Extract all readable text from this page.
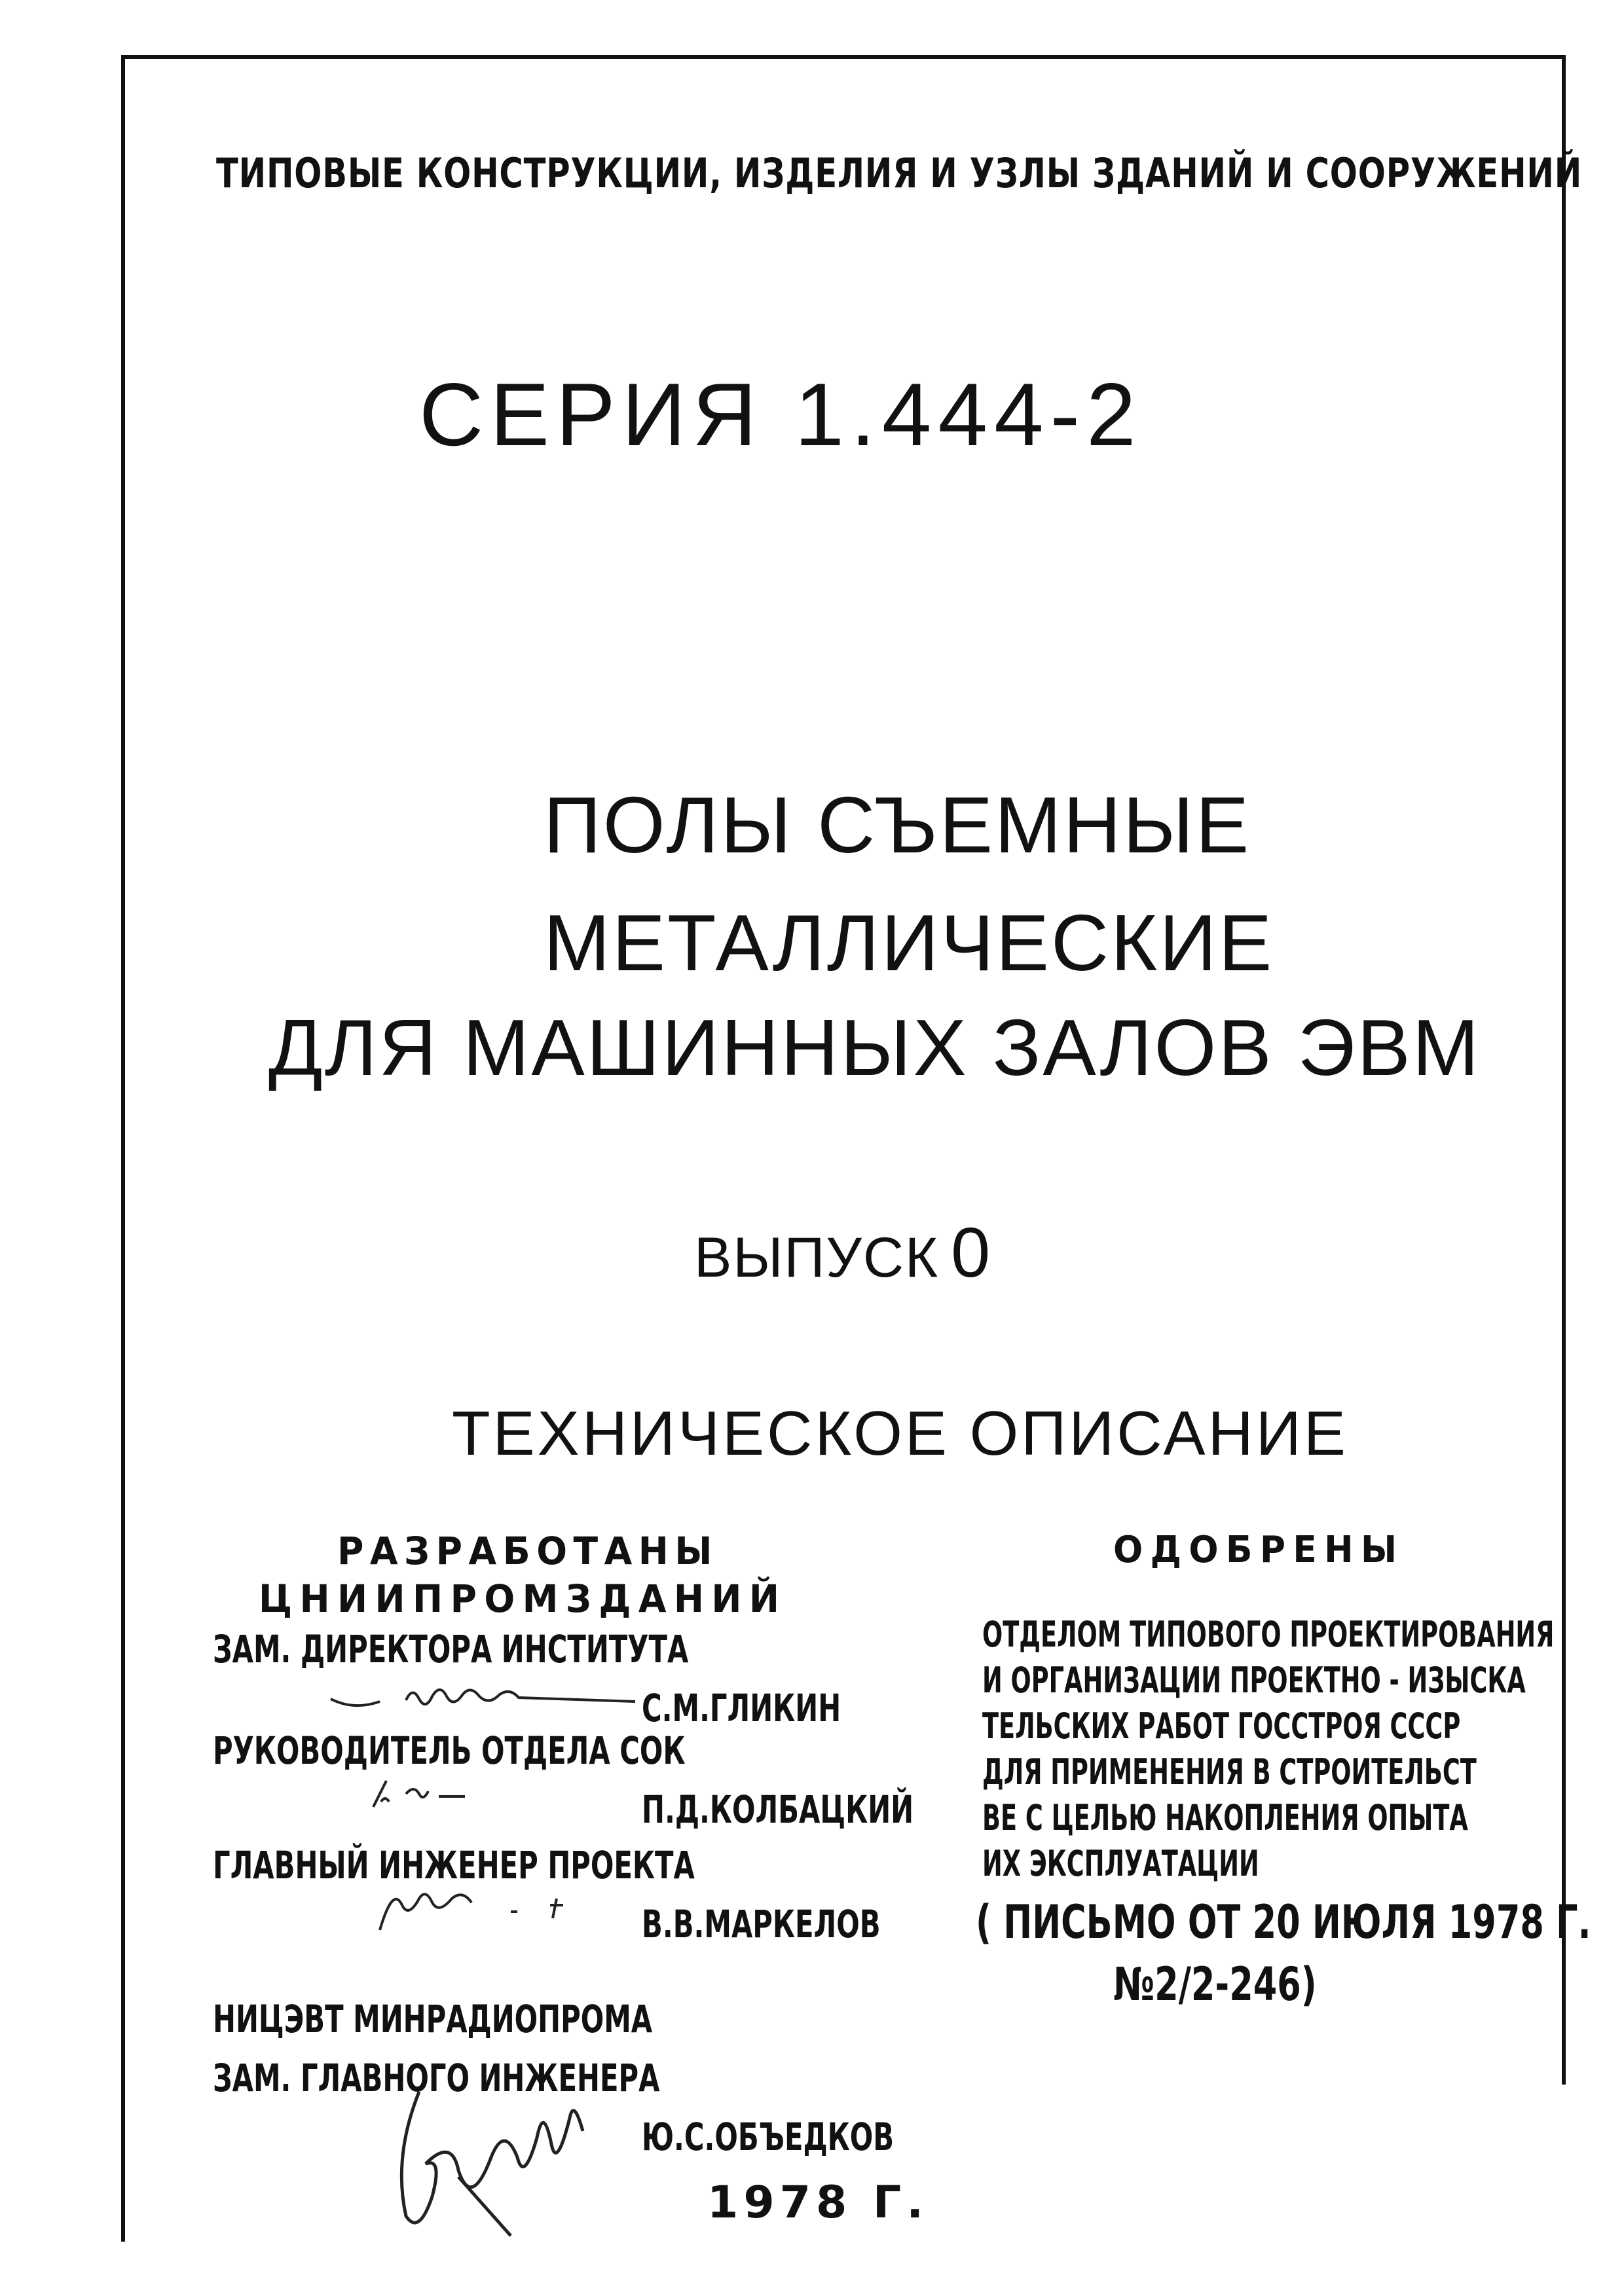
ТИПОВЫЕ КОНСТРУКЦИИ, ИЗДЕЛИЯ И УЗЛЫ ЗДАНИЙ И СООРУЖЕНИЙ
СЕРИЯ 1.444-2
ПОЛЫ СЪЕМНЫЕ
МЕТАЛЛИЧЕСКИЕ
ДЛЯ МАШИННЫХ ЗАЛОВ ЭВМ
ВЫПУСК 0
ТЕХНИЧЕСКОЕ ОПИСАНИЕ
РАЗРАБОТАНЫ
ЦНИИПРОМЗДАНИЙ
ЗАМ. ДИРЕКТОРА ИНСТИТУТА
С.М.ГЛИКИН
РУКОВОДИТЕЛЬ ОТДЕЛА СОК
П.Д.КОЛБАЦКИЙ
ГЛАВНЫЙ ИНЖЕНЕР ПРОЕКТА
В.В.МАРКЕЛОВ
НИЦЭВТ МИНРАДИОПРОМА
ЗАМ. ГЛАВНОГО ИНЖЕНЕРА
Ю.С.ОБЪЕДКОВ
1978 Г.
ОДОБРЕНЫ
ОТДЕЛОМ ТИПОВОГО ПРОЕКТИРОВАНИЯ
И ОРГАНИЗАЦИИ ПРОЕКТНО - ИЗЫСКА
ТЕЛЬСКИХ РАБОТ ГОССТРОЯ СССР
ДЛЯ ПРИМЕНЕНИЯ В СТРОИТЕЛЬСТ
ВЕ С ЦЕЛЬЮ НАКОПЛЕНИЯ ОПЫТА
ИХ ЭКСПЛУАТАЦИИ
( ПИСЬМО ОТ 20 ИЮЛЯ 1978 Г.
№2/2-246)
